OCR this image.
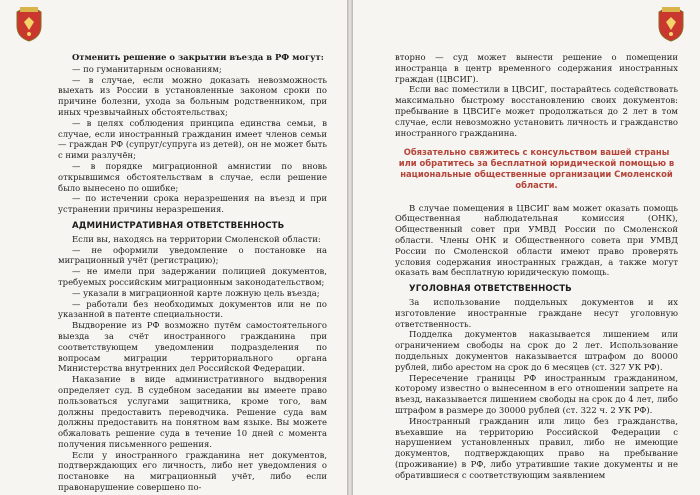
Отменить решение о закрытии въезда в РФ могут:

— по гуманитарным основаниям;

— в случае, если можно доказать невозможность выехать из России в установленные законом сроки по причине болезни, ухода за больным родственником, при иных чрезвычайных обстоятельствах;

— в целях соблюдения принципа единства семьи, в случае, если иностранный гражданин имеет членов семьи — граждан РФ (супруг/супруга из детей), он не может быть с ними разлучён;

— в порядке миграционной амнистии по вновь открывшимся обстоятельствам в случае, если решение было вынесено по ошибке;

— по истечении срока неразрешения на въезд и при устранении причины неразрешения.

АДМИНИСТРАТИВНАЯ ОТВЕТСТВЕННОСТЬ

Если вы, находясь на территории Смоленской области:

— не оформили уведомление о постановке на миграционный учёт (регистрацию);

— не имели при задержании полицией документов, требуемых российским миграционным законодательством;

— указали в миграционной карте ложную цель въезда;

— работали без необходимых документов или не по указанной в патенте специальности.

Выдворение из РФ возможно путём самостоятельного выезда за счёт иностранного гражданина при соответствующем уведомлении подразделения по вопросам миграции территориального органа Министерства внутренних дел Российской Федерации.

Наказание в виде административного выдворения определяет суд. В судебном заседании вы имеете право пользоваться услугами защитника, кроме того, вам должны предоставить переводчика. Решение суда вам должны предоставить на понятном вам языке. Вы можете обжаловать решение суда в течение 10 дней с момента получения письменного решения.

Если у иностранного гражданина нет документов, подтверждающих его личность, либо нет уведомления о постановке на миграционный учёт, либо если правонарушение совершено по-

вторно — суд может вынести решение о помещении иностранца в центр временного содержания иностранных граждан (ЦВСИГ).

Если вас поместили в ЦВСИГ, постарайтесь содействовать максимально быстрому восстановлению своих документов: пребывание в ЦВСИГе может продолжаться до 2 лет в том случае, если невозможно установить личность и гражданство иностранного гражданина.

Обязательно свяжитесь с консульством вашей страны или обратитесь за бесплатной юридической помощью в национальные общественные организации Смоленской области.

В случае помещения в ЦВСИГ вам может оказать помощь Общественная наблюдательная комиссия (ОНК), Общественный совет при УМВД России по Смоленской области. Члены ОНК и Общественного совета при УМВД России по Смоленской области имеют право проверять условия содержания иностранных граждан, а также могут оказать вам бесплатную юридическую помощь.

УГОЛОВНАЯ ОТВЕТСТВЕННОСТЬ

За использование поддельных документов и их изготовление иностранные граждане несут уголовную ответственность.

Подделка документов наказывается лишением или ограничением свободы на срок до 2 лет. Использование поддельных документов наказывается штрафом до 80000 рублей, либо арестом на срок до 6 месяцев (ст. 327 УК РФ).

Пересечение границы РФ иностранным гражданином, которому известно о вынесенном в его отношении запрете на въезд, наказывается лишением свободы на срок до 4 лет, либо штрафом в размере до 30000 рублей (ст. 322 ч. 2 УК РФ).

Иностранный гражданин или лицо без гражданства, въехавшие на территорию Российской Федерации с нарушением установленных правил, либо не имеющие документов, подтверждающих право на пребывание (проживание) в РФ, либо утратившие такие документы и не обратившиеся с соответствующим заявлением
